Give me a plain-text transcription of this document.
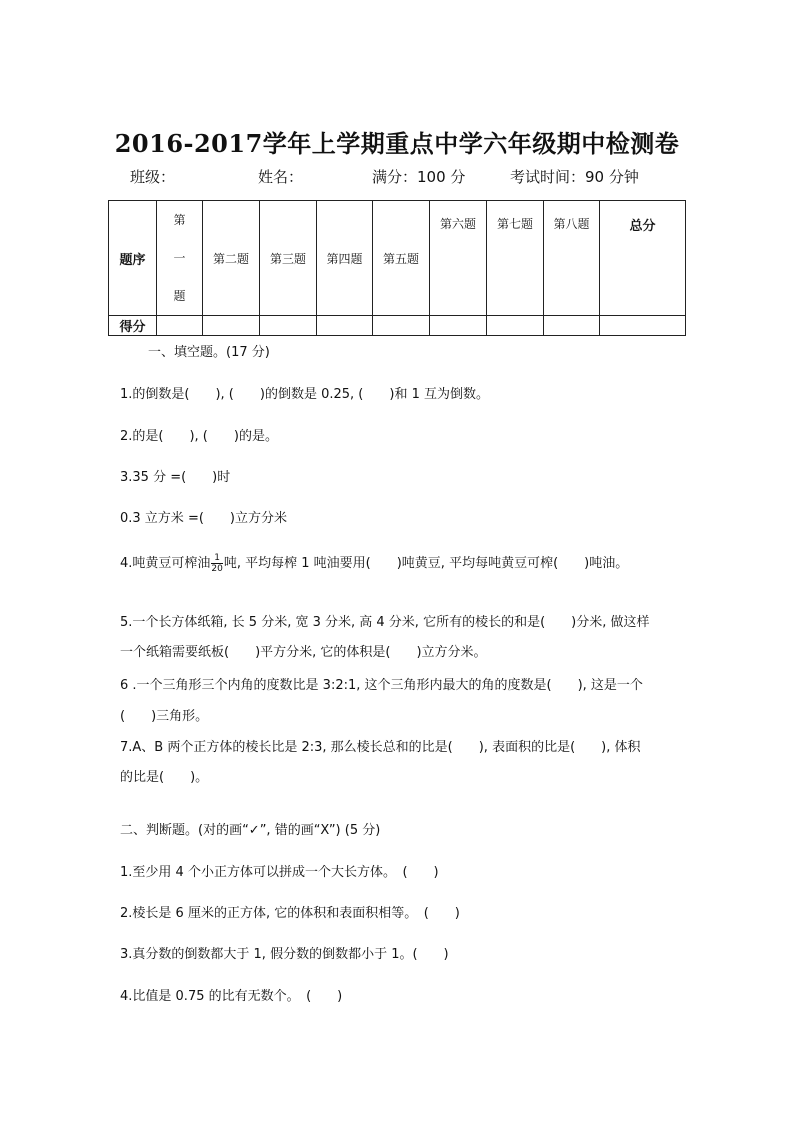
2016-2017学年上学期重点中学六年级期中检测卷
班级：	姓名：	满分：100 分	考试时间：90 分钟
题序	第一题	第二题	第三题	第四题	第五题	第六题	第七题	第八题	总分
得分									
一、填空题。(17 分)
1.的倒数是(　　), (　　)的倒数是 0.25, (　　)和 1 互为倒数。
2.的是(　　), (　　)的是。
3.35 分 =(　　)时
0.3 立方米 =(　　)立方分米
4.吨黄豆可榨油 $\frac{1}{20}$ 吨, 平均每榨 1 吨油要用(　　)吨黄豆, 平均每吨黄豆可榨(　　)吨油。
5.一个长方体纸箱, 长 5 分米, 宽 3 分米, 高 4 分米, 它所有的棱长的和是(　　)分米, 做这样
一个纸箱需要纸板(　　)平方分米, 它的体积是(　　)立方分米。
6 .一个三角形三个内角的度数比是 3:2:1, 这个三角形内最大的角的度数是(　　), 这是一个
(　　)三角形。
7.A、B 两个正方体的棱长比是 2:3, 那么棱长总和的比是(　　), 表面积的比是(　　), 体积
的比是(　　)。
二、判断题。(对的画“✓”, 错的画“X”) (5 分)
1.至少用 4 个小正方体可以拼成一个大长方体。　(　　)
2.棱长是 6 厘米的正方体, 它的体积和表面积相等。　(　　)
3.真分数的倒数都大于 1, 假分数的倒数都小于 1。(　　)
4.比值是 0.75 的比有无数个。　(　　)
